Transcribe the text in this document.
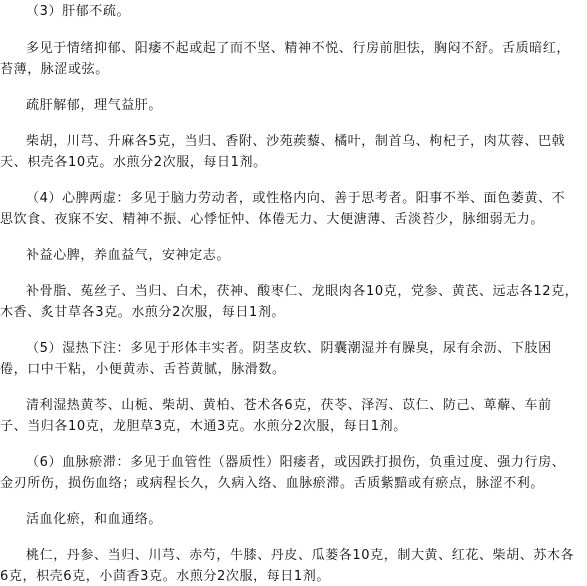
（3）肝郁不疏。
多见于情绪抑郁、阳痿不起或起了而不坚、精神不悦、行房前胆怯，胸闷不舒。舌质暗红，
苔薄，脉涩或弦。
疏肝解郁，理气益肝。
柴胡，川芎、升麻各5克，当归、香附、沙苑蒺藜、橘叶，制首乌、枸杞子，肉苁蓉、巴戟
天、枳壳各10克。水煎分2次服，每日1剂。
（4）心脾两虚：多见于脑力劳动者，或性格内向、善于思考者。阳事不举、面色萎黄、不
思饮食、夜寐不安、精神不振、心悸怔忡、体倦无力、大便溏薄、舌淡苔少，脉细弱无力。
补益心脾，养血益气，安神定志。
补骨脂、菟丝子、当归、白术，茯神、酸枣仁、龙眼肉各10克，党参、黄芪、远志各12克，
木香、炙甘草各3克。水煎分2次服，每日1剂。
（5）湿热下注：多见于形体丰实者。阴茎皮软、阴囊潮湿并有臊臭，尿有余沥、下肢困
倦，口中干粘，小便黄赤、舌苔黄腻，脉滑数。
清利湿热黄芩、山栀、柴胡、黄柏、苍术各6克，茯苓、泽泻、苡仁、防己、萆薢、车前
子、当归各10克，龙胆草3克，木通3克。水煎分2次服，每日1剂。
（6）血脉瘀滞：多见于血管性（器质性）阳痿者，或因跌打损伤，负重过度、强力行房、
金刃所伤，损伤血络；或病程长久，久病入络、血脉瘀滞。舌质紫黯或有瘀点，脉涩不利。
活血化瘀，和血通络。
桃仁，丹参、当归、川芎、赤芍，牛膝、丹皮、瓜蒌各10克，制大黄、红花、柴胡、苏木各
6克，枳壳6克，小茴香3克。水煎分2次服，每日1剂。
